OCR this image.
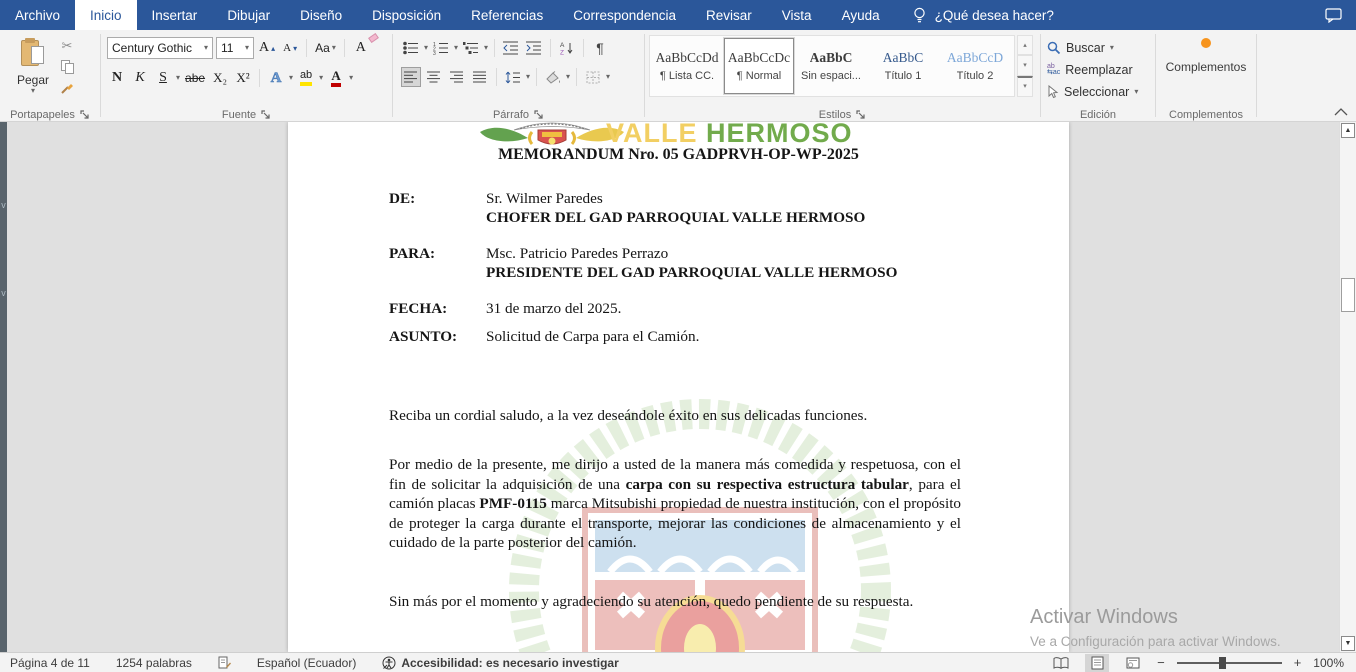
Archivo	Inicio	Insertar	Dibujar	Diseño	Disposición	Referencias	Correspondencia	Revisar	Vista	Ayuda	¿Qué desea hacer?
Pegar
▾
✂
Portapapeles
Century Gothic	▾ 11	▾ A ▴ A ▾ Aa ▾ A
N K	S ▾ abe X₂ X² A ▾ ab ▾ A ▾
Fuente
▾ 1
2
3
▾	▾	A
Z	¶
▾	▾	▾
Párrafo
AaBbCcDd
¶ Lista CC.
AaBbCcDc
¶ Normal
AaBbC
Sin espaci...
AaBbC
Título 1
AaBbCcD
Título 2
▴
▾
▾
Estilos
Buscar ▾
ab
⇆ac Reemplazar
Seleccionar ▾
Edición
Complementos
Complementos
v
v
VALLE HERMOSO
MEMORANDUM Nro. 05 GADPRVH-OP-WP-2025
DE:	Sr. Wilmer Paredes
CHOFER DEL GAD PARROQUIAL VALLE HERMOSO
PARA:	Msc. Patricio Paredes Perrazo
PRESIDENTE DEL GAD PARROQUIAL VALLE HERMOSO
FECHA:	31 de marzo del 2025.
ASUNTO: Solicitud de Carpa para el Camión.
Reciba un cordial saludo, a la vez deseándole éxito en sus delicadas funciones.
Por medio de la presente, me dirijo a usted de la manera más comedida y respetuosa, con el fin de solicitar la adquisición de una carpa con su respectiva estructura tabular, para el camión placas PMF-0115 marca Mitsubishi propiedad de nuestra institución, con el propósito de proteger la carga durante el transporte, mejorar las condiciones de almacenamiento y el cuidado de la parte posterior del camión.
Sin más por el momento y agradeciendo su atención, quedo pendiente de su respuesta.
Activar Windows
Ve a Configuración para activar Windows.
▲
▼
Página 4 de 11 1254 palabras	Español (Ecuador)	Accesibilidad: es necesario investigar	−	+ 100%
